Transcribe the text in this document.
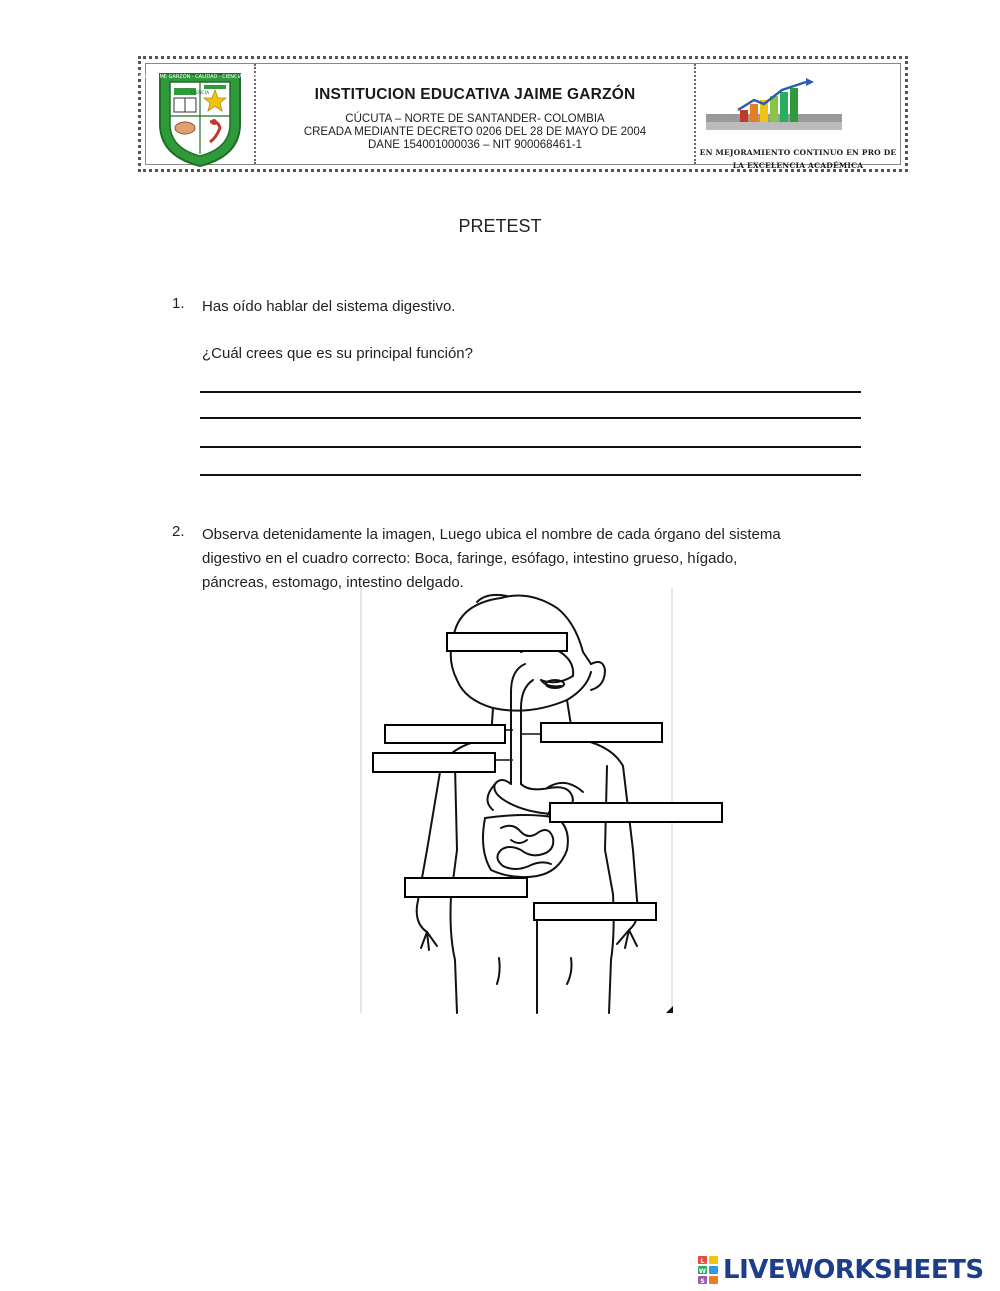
COLEGIO JAIME GARZÓN · CALIDAD · CIENCIA · LIBERTAD
CIENCIA	INSTITUCION EDUCATIVA JAIME GARZÓN
CÚCUTA – NORTE DE SANTANDER- COLOMBIA
CREADA MEDIANTE DECRETO 0206 DEL 28 DE MAYO DE 2004
DANE 154001000036 – NIT 900068461-1
EN MEJORAMIENTO CONTINUO EN PRO DE
LA EXCELENCIA ACADÉMICA
PRETEST
1. Has oído hablar del sistema digestivo.
¿Cuál crees que es su principal función?
2. Observa detenidamente la imagen, Luego ubica el nombre de cada órgano del sistema
digestivo en el cuadro correcto: Boca, faringe, esófago, intestino grueso, hígado,
páncreas, estomago, intestino delgado.
L
W
S LIVEWORKSHEETS
